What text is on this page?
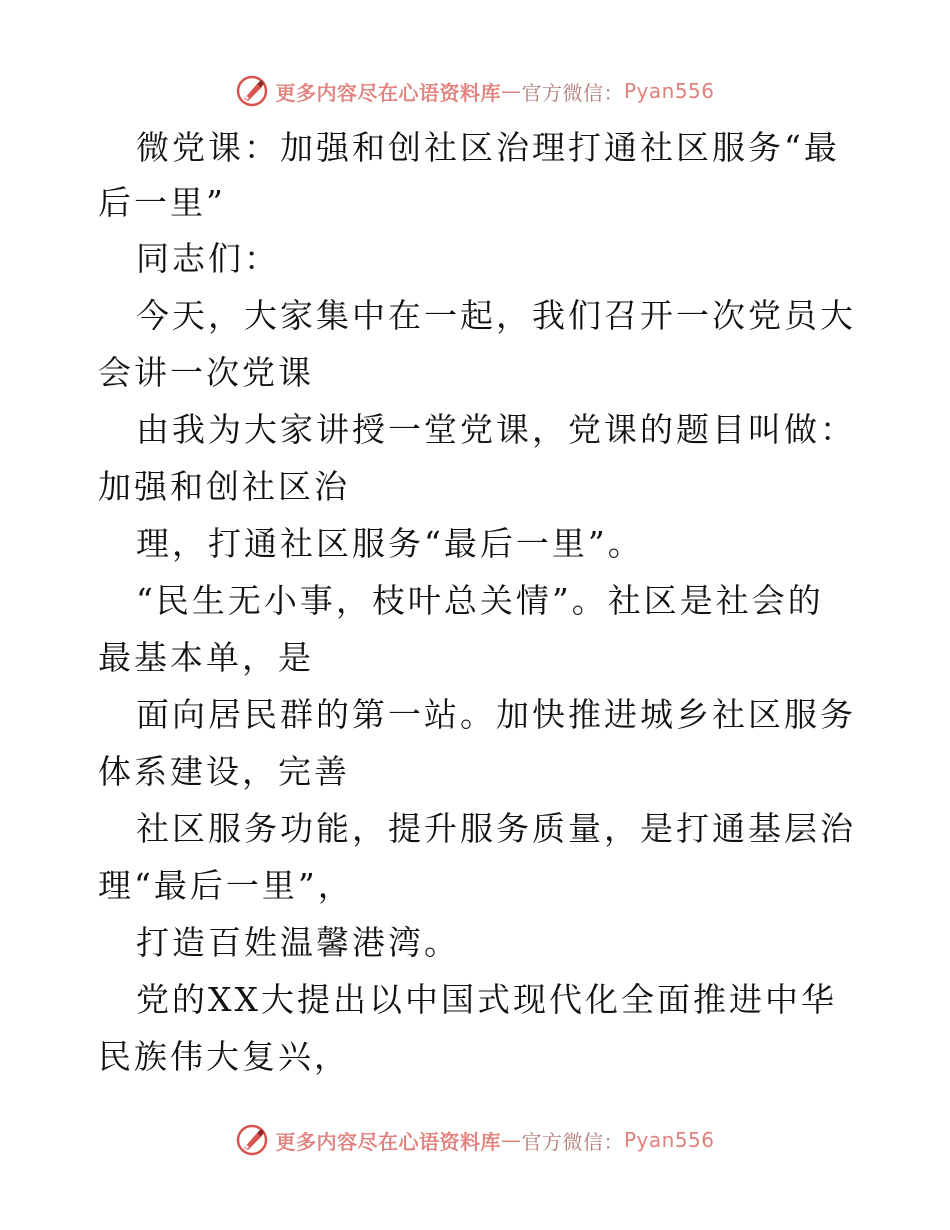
更多内容尽在心语资料库 — 官方微信： Pyan556

微党课：加强和创社区治理打通社区服务“最后一里”

同志们：

今天，大家集中在一起，我们召开一次党员大会讲一次党课

由我为大家讲授一堂党课，党课的题目叫做：加强和创社区治

理，打通社区服务“最后一里”。

“民生无小事，枝叶总关情”。社区是社会的最基本单，是

面向居民群的第一站。加快推进城乡社区服务体系建设，完善

社区服务功能，提升服务质量，是打通基层治理“最后一里”，

打造百姓温馨港湾。

党的XX大提出以中国式现代化全面推进中华民族伟大复兴，

更多内容尽在心语资料库 — 官方微信： Pyan556
